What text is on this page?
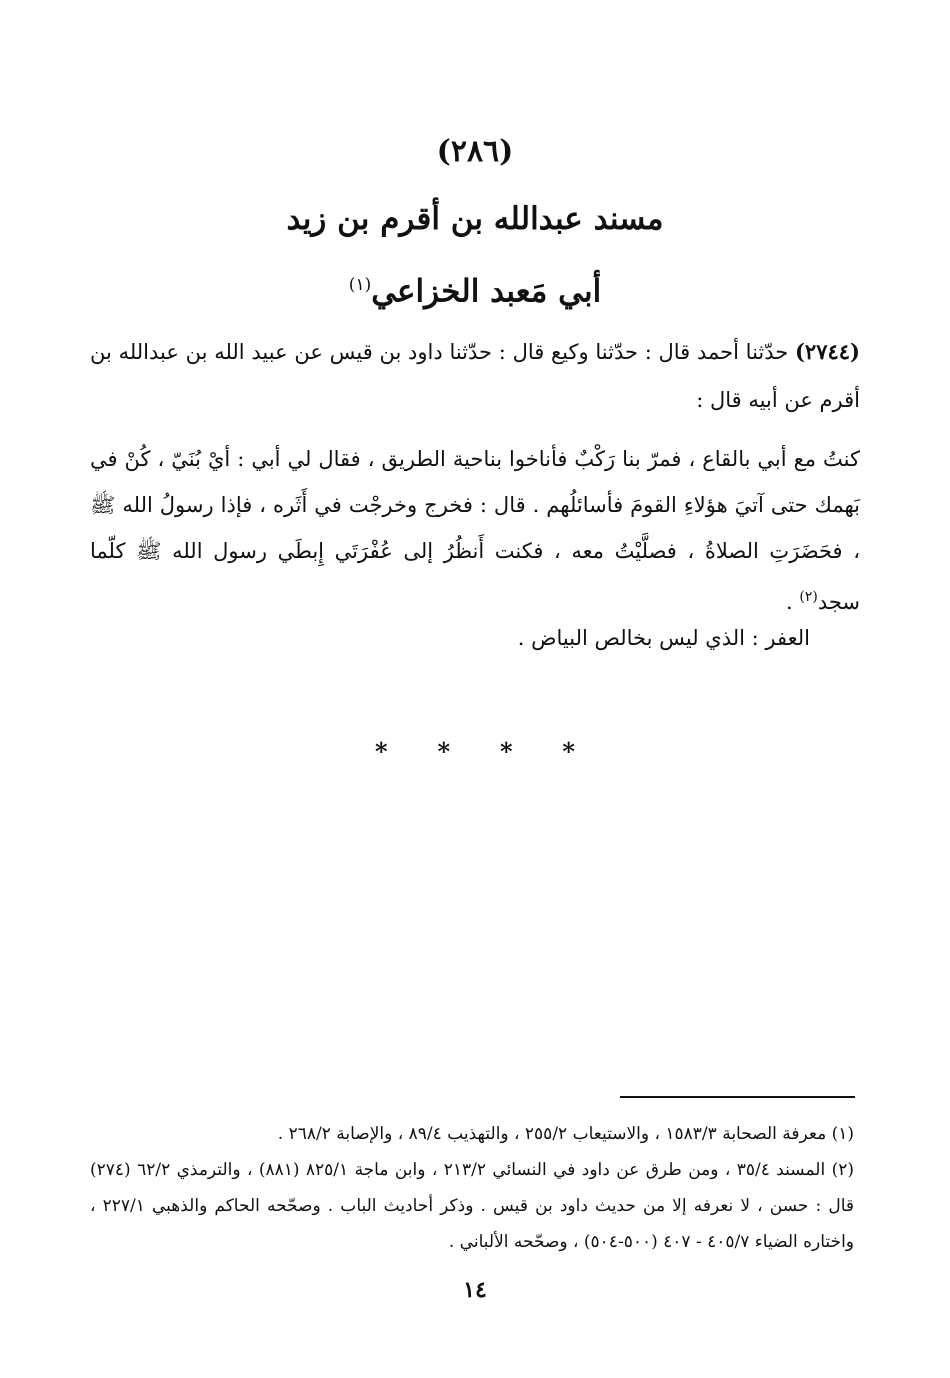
(٢٨٦)
مسند عبدالله بن أقرم بن زيد
أبي مَعبد الخزاعي$^{(١)}$
(٢٧٤٤) حدّثنا أحمد قال : حدّثنا وكيع قال : حدّثنا داود بن قيس عن عبيد الله بن عبدالله بن أقرم عن أبيه قال :
كنتُ مع أبي بالقاع ، فمرّ بنا رَكْبٌ فأناخوا بناحية الطريق ، فقال لي أبي : أيْ بُنَيّ ، كُنْ في بَهمك حتى آتيَ هؤلاءِ القومَ فأسائلُهم . قال : فخرج وخرجْت في أَثَره ، فإذا رسولُ الله ﷺ ، فحَضَرَتِ الصلاةُ ، فصلَّيْتُ معه ، فكنت أَنظُرُ إلى عُفْرَتَي إِبطَي رسول الله ﷺ كلّما سجد$^{(٢)}$ .
العفر : الذي ليس بخالص البياض .
* * * *

(١) معرفة الصحابة ١٥٨٣/٣ ، والاستيعاب ٢٥٥/٢ ، والتهذيب ٨٩/٤ ، والإصابة ٢٦٨/٢ .

(٢) المسند ٣٥/٤ ، ومن طرق عن داود في النسائي ٢١٣/٢ ، وابن ماجة ٨٢٥/١ (٨٨١) ، والترمذي ٦٢/٢ (٢٧٤) قال : حسن ، لا نعرفه إلا من حديث داود بن قيس . وذكر أحاديث الباب . وصحّحه الحاكم والذهبي ٢٢٧/١ ، واختاره الضياء ٤٠٥/٧ - ٤٠٧ (٥٠٠-٥٠٤) ، وصحّحه الألباني .

١٤
